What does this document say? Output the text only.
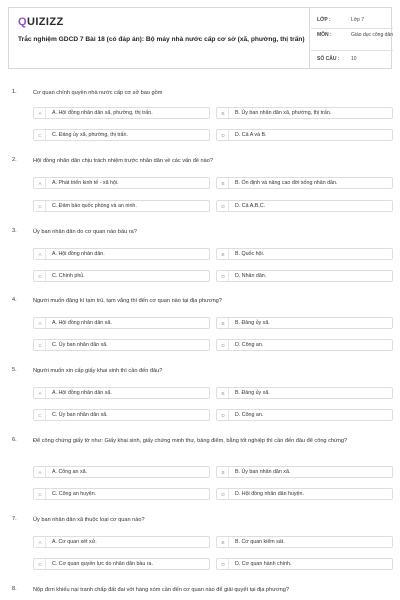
QUIZIZZ
Trắc nghiệm GDCD 7 Bài 18 (có đáp án): Bộ máy nhà nước cấp cơ sở (xã, phường, thị trấn)
LỚP :	Lớp 7
MÔN :	Giáo dục công dân
SỐ CÂU :	10
1.	Cơ quan chính quyền nhà nước cấp cơ sở bao gồm
A	A. Hội đồng nhân dân xã, phường, thị trấn.	B	B. Ủy ban nhân dân xã, phường, thị trấn.
C	C. Đảng ủy xã, phường, thị trấn.	D	D. Cả A và B.
2.	Hội đồng nhân dân chịu trách nhiệm trước nhân dân về các vấn đề nào?
A	A. Phát triển kinh tế - xã hội.	B	B. Ổn định và nâng cao đời sống nhân dân.
C	C. Đảm bảo quốc phòng và an ninh.	D	D. Cả A,B,C.
3.	Ủy ban nhân dân do cơ quan nào bầu ra?
A	A. Hội đồng nhân dân.	B	B. Quốc hội.
C	C. Chính phủ.	D	D. Nhân dân.
4.	Người muốn đăng kí tạm trú, tạm vắng thì đến cơ quan nào tại địa phương?
A	A. Hội đồng nhân dân xã.	B	B. Đảng ủy xã.
C	C. Ủy ban nhân dân xã.	D	D. Công an.
5.	Người muốn xin cấp giấy khai sinh thì cần đến đâu?
A	A. Hội đồng nhân dân xã.	B	B. Đảng ủy xã.
C	C. Ủy ban nhân dân xã.	D	D. Công an.
6.	Để công chứng giấy tờ như: Giấy khai sinh, giấy chứng minh thư, bảng điểm, bằng tốt nghiệp thì cần đến đâu để công chứng?
A	A. Công an xã.	B	B. Ủy ban nhân dân xã.
C	C. Công an huyện.	D	D. Hội đồng nhân dân huyện.
7.	Ủy ban nhân dân xã thuộc loại cơ quan nào?
A	A. Cơ quan xét xử.	B	B. Cơ quan kiểm sát.
C	C. Cơ quan quyền lực do nhân dân bầu ra.	D	D. Cơ quan hành chính.
8.	Nộp đơn khiếu nại tranh chấp đất đai với hàng xóm cần đến cơ quan nào để giải quyết tại địa phương?
